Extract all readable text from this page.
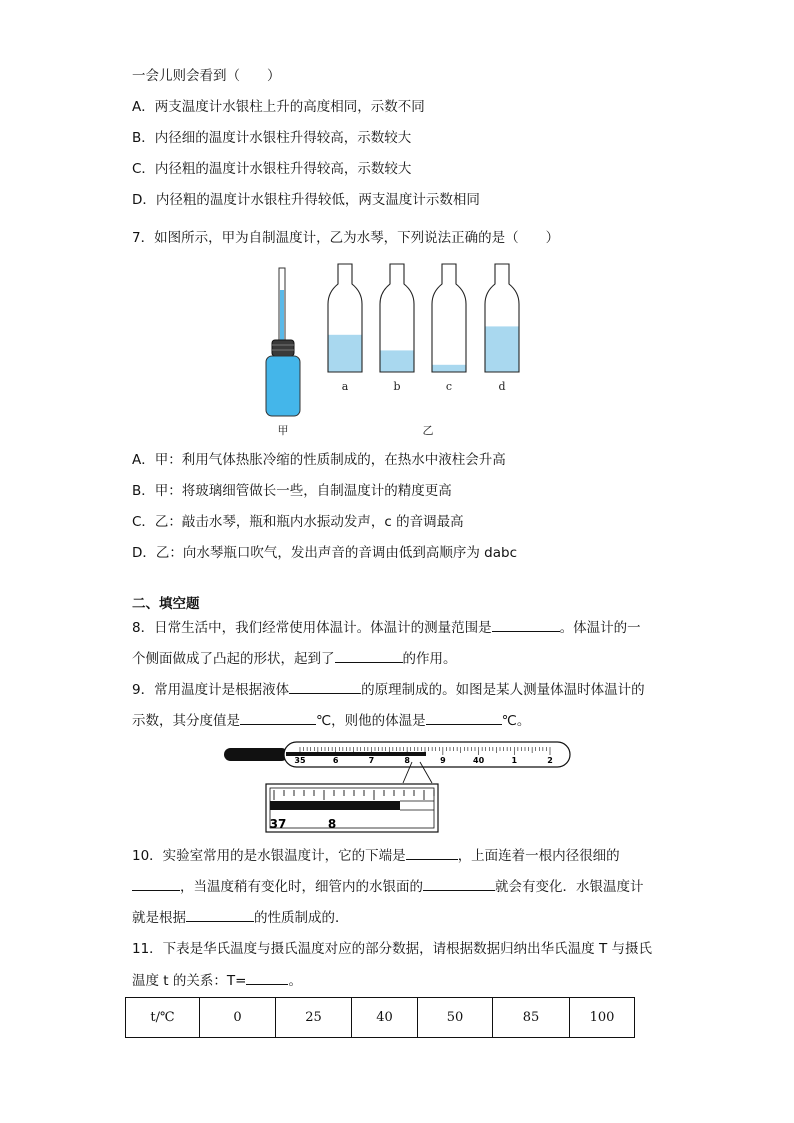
一会儿则会看到（　　）
A．两支温度计水银柱上升的高度相同，示数不同
B．内径细的温度计水银柱升得较高，示数较大
C．内径粗的温度计水银柱升得较高，示数较大
D．内径粗的温度计水银柱升得较低，两支温度计示数相同
7．如图所示，甲为自制温度计，乙为水琴，下列说法正确的是（　　）
甲
a	b	c	d
乙
A．甲：利用气体热胀冷缩的性质制成的，在热水中液柱会升高
B．甲：将玻璃细管做长一些，自制温度计的精度更高
C．乙：敲击水琴，瓶和瓶内水振动发声，c 的音调最高
D．乙：向水琴瓶口吹气，发出声音的音调由低到高顺序为 dabc
二、填空题
8．日常生活中，我们经常使用体温计。体温计的测量范围是	。体温计的一
个侧面做成了凸起的形状，起到了	的作用。
9．常用温度计是根据液体	的原理制成的。如图是某人测量体温时体温计的
示数，其分度值是	℃，则他的体温是	℃。
35	6	7	8	9	40	1	2
37	8
10．实验室常用的是水银温度计，它的下端是	，上面连着一根内径很细的
，当温度稍有变化时，细管内的水银面的	就会有变化．水银温度计
就是根据	的性质制成的．
11．下表是华氏温度与摄氏温度对应的部分数据，请根据数据归纳出华氏温度 T 与摄氏
温度 t 的关系：T=	。
t/℃	0	25	40	50	85	100
